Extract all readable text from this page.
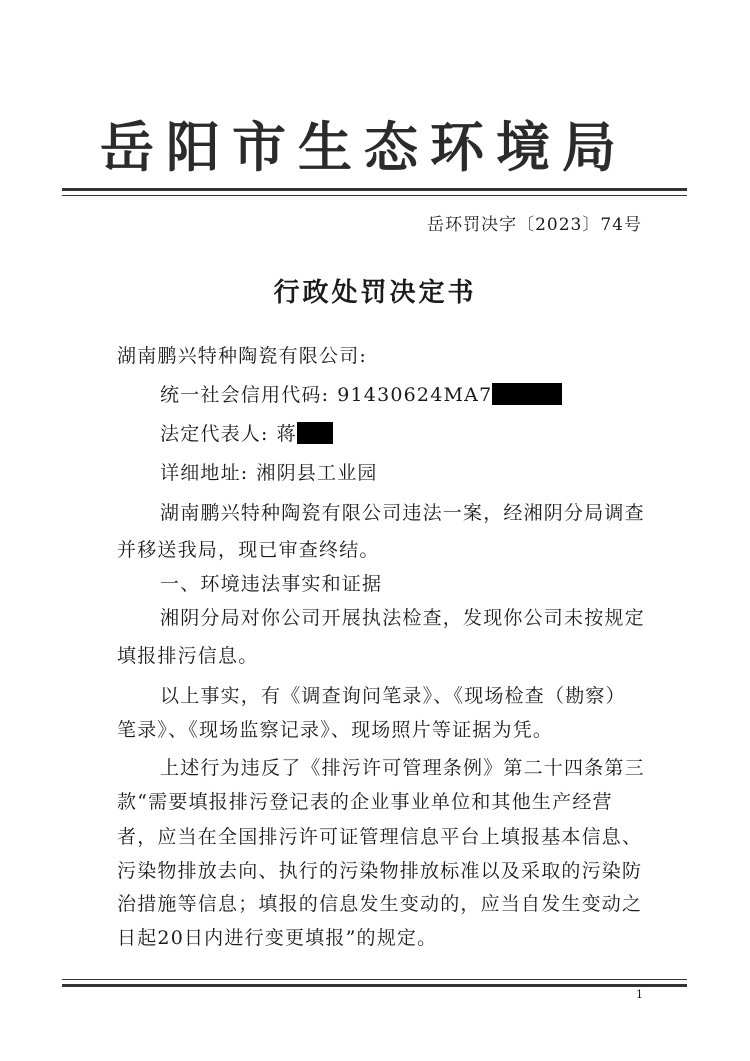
岳阳市生态环境局
岳环罚决字〔2023〕74号
行政处罚决定书
湖南鹏兴特种陶瓷有限公司:
统一社会信用代码: 91430624MA7
法定代表人: 蒋
详细地址: 湘阴县工业园
湖南鹏兴特种陶瓷有限公司违法一案，经湘阴分局调查
并移送我局，现已审查终结。
一、环境违法事实和证据
湘阴分局对你公司开展执法检查，发现你公司未按规定
填报排污信息。
以上事实，有《调查询问笔录》、《现场检查（勘察）
笔录》、《现场监察记录》、现场照片等证据为凭。
上述行为违反了《排污许可管理条例》第二十四条第三
款“需要填报排污登记表的企业事业单位和其他生产经营
者，应当在全国排污许可证管理信息平台上填报基本信息、
污染物排放去向、执行的污染物排放标准以及采取的污染防
治措施等信息；填报的信息发生变动的，应当自发生变动之
日起20日内进行变更填报”的规定。
1
